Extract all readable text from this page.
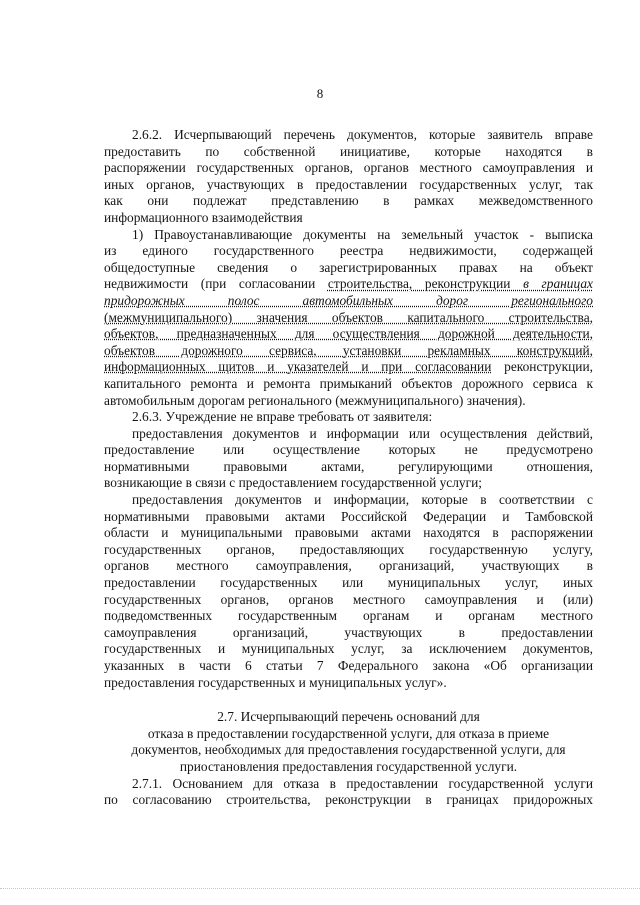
8
2.6.2. Исчерпывающий перечень документов, которые заявитель вправе
предоставить по собственной инициативе, которые находятся в
распоряжении государственных органов, органов местного самоуправления и
иных органов, участвующих в предоставлении государственных услуг, так
как они подлежат представлению в рамках межведомственного
информационного взаимодействия
1) Правоустанавливающие документы на земельный участок - выписка
из единого государственного реестра недвижимости, содержащей
общедоступные сведения о зарегистрированных правах на объект
недвижимости (при согласовании строительства, реконструкции в границах
придорожных полос автомобильных дорог регионального
(межмуниципального) значения объектов капитального строительства,
объектов, предназначенных для осуществления дорожной деятельности,
объектов дорожного сервиса, установки рекламных конструкций,
информационных щитов и указателей и при согласовании реконструкции,
капитального ремонта и ремонта примыканий объектов дорожного сервиса к
автомобильным дорогам регионального (межмуниципального) значения).
2.6.3. Учреждение не вправе требовать от заявителя:
предоставления документов и информации или осуществления действий,
предоставление или осуществление которых не предусмотрено
нормативными правовыми актами, регулирующими отношения,
возникающие в связи с предоставлением государственной услуги;
предоставления документов и информации, которые в соответствии с
нормативными правовыми актами Российской Федерации и Тамбовской
области и муниципальными правовыми актами находятся в распоряжении
государственных органов, предоставляющих государственную услугу,
органов местного самоуправления, организаций, участвующих в
предоставлении государственных или муниципальных услуг, иных
государственных органов, органов местного самоуправления и (или)
подведомственных государственным органам и органам местного
самоуправления организаций, участвующих в предоставлении
государственных и муниципальных услуг, за исключением документов,
указанных в части 6 статьи 7 Федерального закона «Об организации
предоставления государственных и муниципальных услуг».
2.7. Исчерпывающий перечень оснований для
отказа в предоставлении государственной услуги, для отказа в приеме
документов, необходимых для предоставления государственной услуги, для
приостановления предоставления государственной услуги.
2.7.1. Основанием для отказа в предоставлении государственной услуги
по согласованию строительства, реконструкции в границах придорожных
